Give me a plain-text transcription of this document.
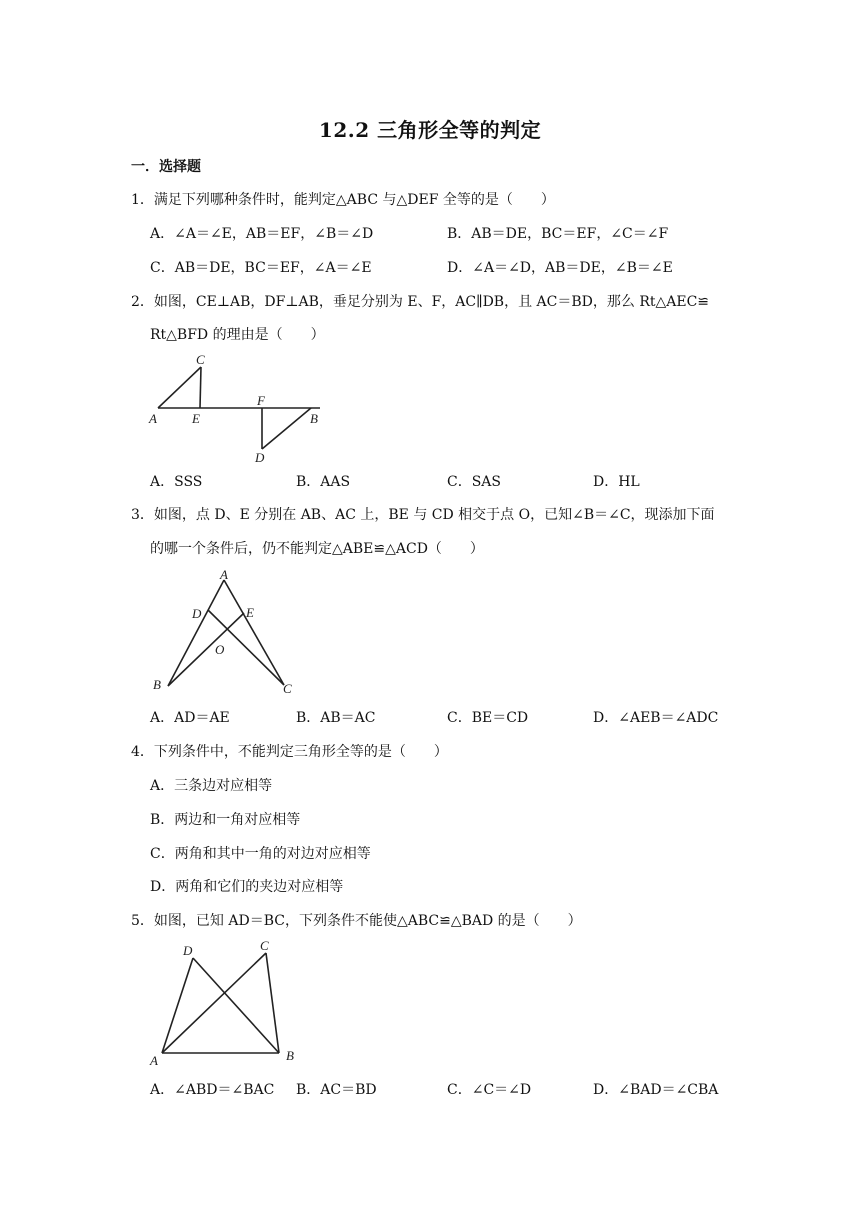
12.2 三角形全等的判定
一．选择题
1．满足下列哪种条件时，能判定△ABC 与△DEF 全等的是（　　）
A．∠A＝∠E，AB＝EF，∠B＝∠D	B．AB＝DE，BC＝EF，∠C＝∠F
C．AB＝DE，BC＝EF，∠A＝∠E	D．∠A＝∠D，AB＝DE，∠B＝∠E
2．如图，CE⊥AB，DF⊥AB，垂足分别为 E、F，AC∥DB，且 AC＝BD，那么 Rt△AEC≌
Rt△BFD 的理由是（　　）
C
A	E
F
B
D
A．SSS	B．AAS	C．SAS	D．HL
3．如图，点 D、E 分别在 AB、AC 上，BE 与 CD 相交于点 O，已知∠B＝∠C，现添加下面
的哪一个条件后，仍不能判定△ABE≌△ACD（　　）
A
D	E
O
B	C
A．AD＝AE	B．AB＝AC	C．BE＝CD	D．∠AEB＝∠ADC
4．下列条件中，不能判定三角形全等的是（　　）
A．三条边对应相等
B．两边和一角对应相等
C．两角和其中一角的对边对应相等
D．两角和它们的夹边对应相等
5．如图，已知 AD＝BC，下列条件不能使△ABC≌△BAD 的是（　　）
D	C
A	B
A．∠ABD＝∠BAC B．AC＝BD	C．∠C＝∠D	D．∠BAD＝∠CBA
